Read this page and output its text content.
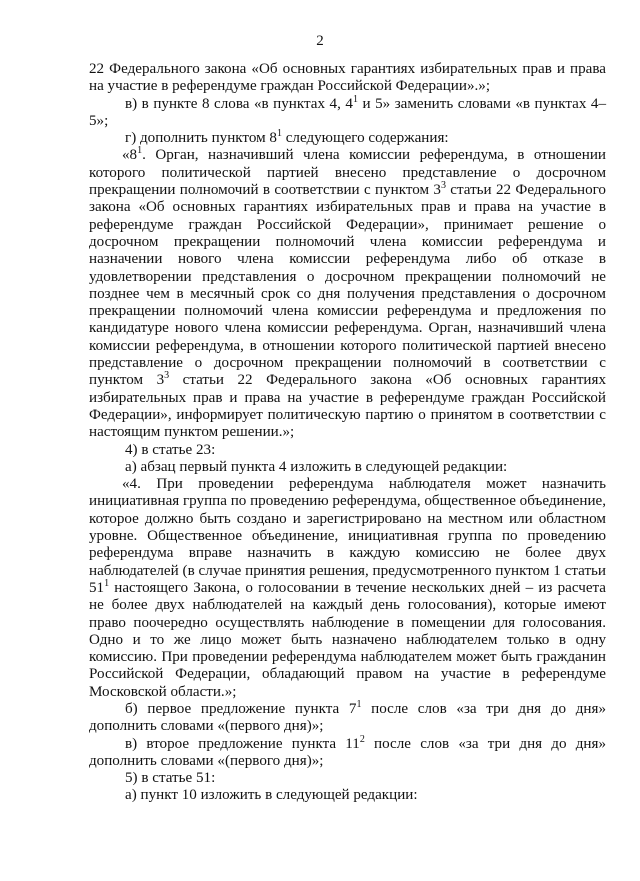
2

22 Федерального закона «Об основных гарантиях избирательных прав и права на участие в референдуме граждан Российской Федерации».»;

в) в пункте 8 слова «в пунктах 4, $4^1$ и 5» заменить словами «в пунктах 4–5»;

г) дополнить пунктом $8^1$ следующего содержания:

«$8^1$. Орган, назначивший члена комиссии референдума, в отношении которого политической партией внесено представление о досрочном прекращении полномочий в соответствии с пунктом $3^3$ статьи 22 Федерального закона «Об основных гарантиях избирательных прав и права на участие в референдуме граждан Российской Федерации», принимает решение о досрочном прекращении полномочий члена комиссии референдума и назначении нового члена комиссии референдума либо об отказе в удовлетворении представления о досрочном прекращении полномочий не позднее чем в месячный срок со дня получения представления о досрочном прекращении полномочий члена комиссии референдума и предложения по кандидатуре нового члена комиссии референдума. Орган, назначивший члена комиссии референдума, в отношении которого политической партией внесено представление о досрочном прекращении полномочий в соответствии с пунктом $3^3$ статьи 22 Федерального закона «Об основных гарантиях избирательных прав и права на участие в референдуме граждан Российской Федерации», информирует политическую партию о принятом в соответствии с настоящим пунктом решении.»;

4) в статье 23:

а) абзац первый пункта 4 изложить в следующей редакции:

«4. При проведении референдума наблюдателя может назначить инициативная группа по проведению референдума, общественное объединение, которое должно быть создано и зарегистрировано на местном или областном уровне. Общественное объединение, инициативная группа по проведению референдума вправе назначить в каждую комиссию не более двух наблюдателей (в случае принятия решения, предусмотренного пунктом 1 статьи $51^1$ настоящего Закона, о голосовании в течение нескольких дней – из расчета не более двух наблюдателей на каждый день голосования), которые имеют право поочередно осуществлять наблюдение в помещении для голосования. Одно и то же лицо может быть назначено наблюдателем только в одну комиссию. При проведении референдума наблюдателем может быть гражданин Российской Федерации, обладающий правом на участие в референдуме Московской области.»;

б) первое предложение пункта $7^1$ после слов «за три дня до дня» дополнить словами «(первого дня)»;

в) второе предложение пункта $11^2$ после слов «за три дня до дня» дополнить словами «(первого дня)»;

5) в статье 51:

а) пункт 10 изложить в следующей редакции:
